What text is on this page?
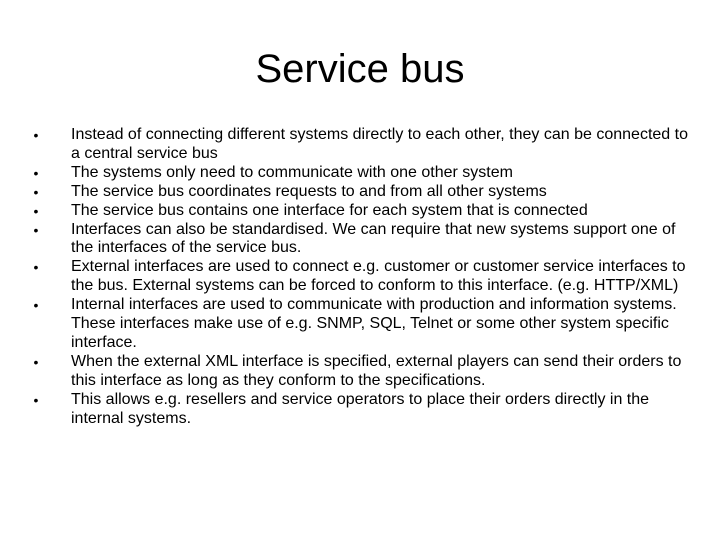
Service bus
• Instead of connecting different systems directly to each other, they can be connected to a central service bus
• The systems only need to communicate with one other system
• The service bus coordinates requests to and from all other systems
• The service bus contains one interface for each system that is connected
• Interfaces can also be standardised. We can require that new systems support one of the interfaces of the service bus.
• External interfaces are used to connect e.g. customer or customer service interfaces to the bus. External systems can be forced to conform to this interface. (e.g. HTTP/XML)
• Internal interfaces are used to communicate with production and information systems. These interfaces make use of e.g. SNMP, SQL, Telnet or some other system specific interface.
• When the external XML interface is specified, external players can send their orders to this interface as long as they conform to the specifications.
• This allows e.g. resellers and service operators to place their orders directly in the internal systems.
